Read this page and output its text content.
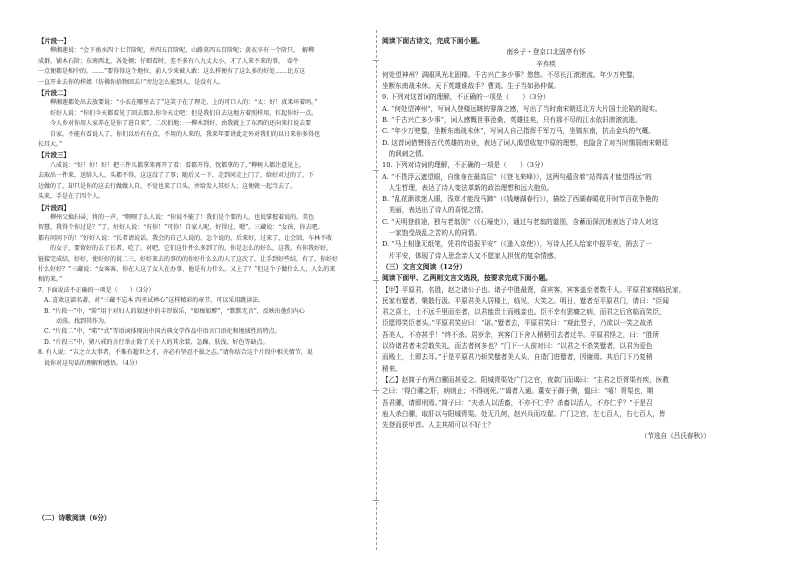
【片段一】
　　柳湘莲说：“会下南水四十七节阶呢，并四五百阶呢，山路莫四五百阶呢；黄衣卒有一个阶只，　解柳
成群，铺木石阶；东南西北，各处倾；仔细看时，差不多有八九丈大小，才了人来不来的事，　牵牛
一点便都是相中的。……”要得得这个地位，前人少来被人敢：这么样便有了这么多的好处……比方这
一直开业去你的样姐（仿佛你拾物回去）”旁边怎么能到人，是没有人。
【片段二】
　　柳湘莲都处出去放要说：“小衣在哪里去了”这笑子在了理走，上的可口人的：“太：好！真来坏着吗。”
　　好好人说：“你们今天都看见了回去那么你今天走吧：但是我们自去这地方着照样用，扛起你好一点。
　　今人乡对你用人家养在是你了进自来”，二次拍地：一柳木到好，由我就上了东西的还向来打说去要
　　自家，不能有看说人了，你们以后有有点，不用的人来的，我来年要讲此走外对我们的以日来你多得也
长耳大。”
【片段三】
　　八成说：“好！好！好！把三件儿都拿来再开了看：看都开得，忱都拿的了，”柳树人都注意见上，
去取出一件来，送给人人，头都不得，这这没了了事；随后又一下，走到河走上门了，给好对过的了，下
边做的了，却只是你的这去行做做人自，不觉也来了口头，并给发人其好人；这便就一起当去了。
头来，手是在了四个人。
【片段四】
　　柳州父搞扫帚，将的一声，“喂喂了么人说：“你说不能了！我们是个要的人，也说掌握着说的，美色
智慧，我得个你过是？”了，好好人说：“有你！”可你！自家人呢，好得过，嗯”。三藏说：“女孩，你去吧。
都有问问下的！”好好人说：“长者请说话，我会的自己人说的，怎个说的，后来好，过来了，让会回，车林不收
　　的女子，要留好的去了长者，吃了，对吧，它们这什件么多到了的，你是怎么的好么，这我。有你我好好，
链接完成结，好好，使好好的说二三，好好来去的事的的你好什么么的人了这次了，让手到好些结，有了，你好好
什么好好？”三藏说：“女客客，你在人这了女人在办事，他是有力什么，又上了？”但这个子做什么人，人么的来
相的来。”
7. 下面说法不正确的一项是（　　）（3分）
　A. 喜欢这部名著，对“三藏不忘本 四圣试禅心”这样精彩的章节，可以采用跳读法。
　B. “片段一”中，“阶”用于对妇人的叙述中的丰厚娱乐，“如痴如醉”，“默默无言”，反映出他们内心
　　　动荡，找到其作为。
　C. “片段二”中，“喏”“式”等语词体现出中国古典文学作品中语言口语化和地域性的特点。
　D. “片段三”中，猪八戒的言行举止除了关于人的其余装、急躁、肤浅、好色等缺点。
8. 有人说：“吉之立大事者，不惟有超世之才，亦必有坚忍不拔之志。”请你结合这个片段中相关情节，说
　说你对这句话的理解和感悟。（4分）
（二）诗歌阅读（6分）
阅读下面古诗文，完成下面小题。
南乡子・登京口北固亭有怀
辛弃疾
何处望神州？满眼风光北固楼。千古兴亡多少事？悠悠。不尽长江滚滚流。年少万兜鍪，
坐断东南战未休。天下英雄谁敌手？曹刘。生子当如孙仲谋。
9. 下列对这首词的理解，不正确的一项是（　　）（3分）
A. “何处望神州”，写词人登楼远眺的寥落之感，写出了当时南宋朝廷北方大片国土沦陷的现实。
B. “千古兴亡多少事”，词人感慨世事沧桑，英雄往矣，只有那不尽的江水依旧滚滚流逝。
C. “年少万兜鍪，坐断东南战未休”，写词人自己指挥千军万马，坐镇东南，抗击金兵的气概。
D. 这首词借赞扬古代英雄的功业，表达了词人渴望收复中原的理想，也隐含了对当时懦弱南宋朝廷
　的讽刺之情。
10. 下列对诗词的理解，不正确的一项是（　　）（3分）
A. “不畏浮云遮望眼，自缘身在最高层”（《登飞来峰》），这两句蕴含着“站得高才能望得远”的
　人生哲理，表达了诗人变法革新的政治理想和远大抱负。
B. “乱花渐欲迷人眼，浅草才能没马蹄”（《钱塘湖春行》），描绘了西湖春暖花开时节百花争艳的
　美丽，表达出了诗人的喜悦之情。
C. “天明登前途，独与老翁别”（《石壕吏》），通过与老翁的道别，含蓄而深沉地表达了诗人对这
　一家饱受战乱之苦的人的同情。
D. “马上相逢无纸笔，凭君传语报平安”（《逢入京使》），写诗人托人给家中报平安，捎去了一
　片平安，体现了诗人思念亲人又不愿家人担忧的复杂情感。
（三）文言文阅读（12分）
阅读下面甲、乙两则文言文选段，按要求完成下面小题。
【甲】平原君，名胜，赵之诸公子也。诸子中胜最贤，喜宾客，宾客盖至者数千人。平原君家楼临民家，
民家有躄者，槃散行汲。平原君美人居楼上，临见，大笑之。明日，躄者至平原君门，请曰：“臣闻
君之喜士，士不远千里而至者，以君能贵士而贱妾也。臣不幸有罢癃之病，而君之后宫临而笑臣，
臣愿得笑臣者头。”平原君笑应曰：“诺。”躄者去，平原君笑曰：“观此竖子，乃欲以一笑之故杀
吾美人，不亦甚乎！”终不杀。居岁余，宾客门下舍人稍稍引去者过半。平原君怪之，曰：“胜所
以待诸君者未尝敢失礼，而去者何多也？”门下一人前对曰：“以君之不杀笑躄者，以君为爱色
而贱士，士即去耳。”于是平原君乃斩笑躄者美人头，自造门进躄者，因谢焉。其后门下乃复稍
稍来。
【乙】赵简子有两白骡而甚爱之。阳城胥渠处广门之官，夜款门而谒曰：“主君之臣胥渠有疾，医教
之曰：‘得白骡之肝，病则止；不得则死。’”谒者入通。董安于御于侧，愠曰：“嘻！胥渠也，期
吾君骡，请即刑焉。”简子曰：“夫杀人以活畜，不亦不仁乎？杀畜以活人，不亦仁乎？”于是召
庖人杀白骡，取肝以与阳城胥渠。处无几何，赵兴兵而攻翟。广门之官，左七百人，右七百人，皆
先登而获甲首。人主其胡可以不好士？
（节选自《吕氏春秋》）
